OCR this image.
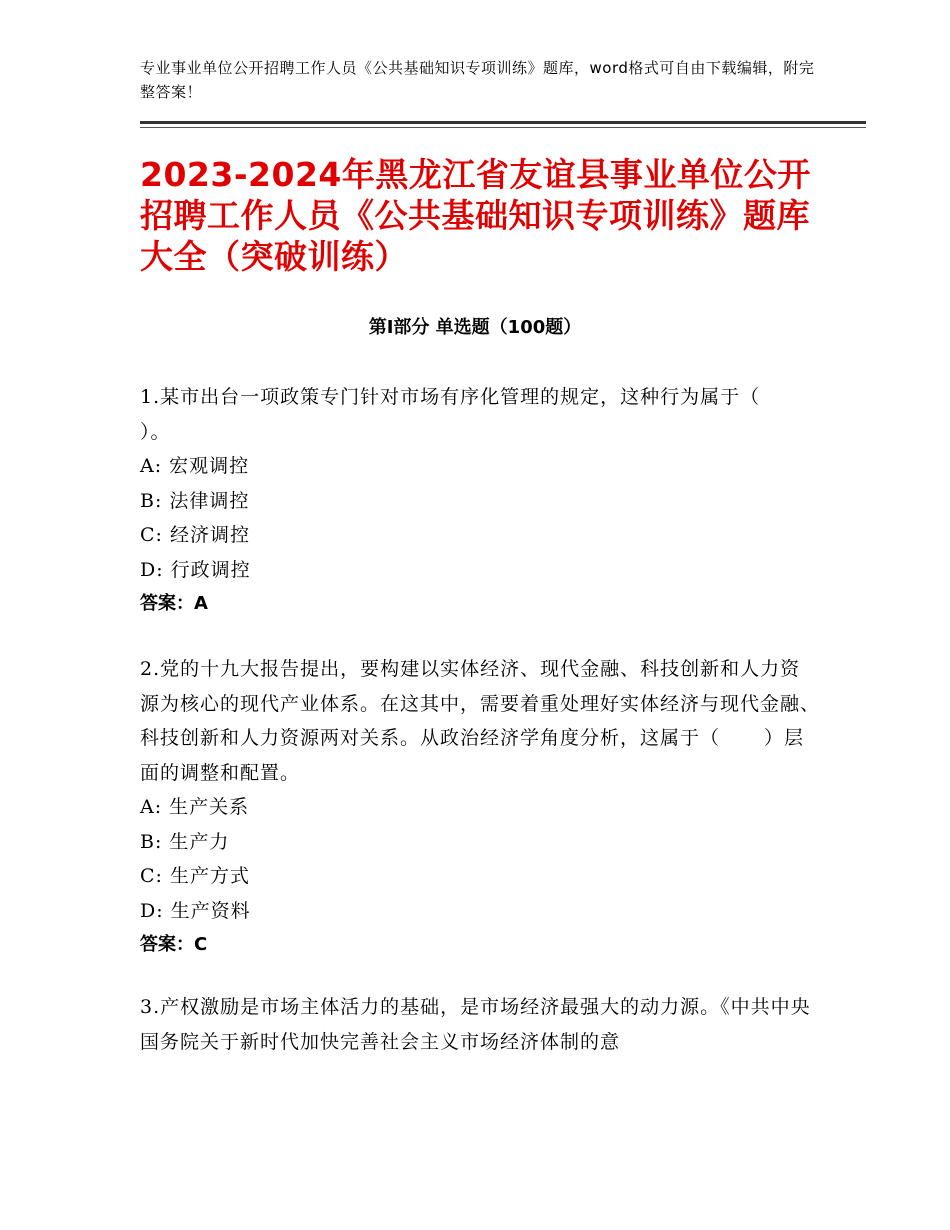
专业事业单位公开招聘工作人员《公共基础知识专项训练》题库，word格式可自由下载编辑，附完整答案！
2023-2024年黑龙江省友谊县事业单位公开招聘工作人员《公共基础知识专项训练》题库大全（突破训练）
第Ⅰ部分 单选题（100题）
1.某市出台一项政策专门针对市场有序化管理的规定，这种行为属于（）。
A: 宏观调控
B: 法律调控
C: 经济调控
D: 行政调控
答案：A
2.党的十九大报告提出，要构建以实体经济、现代金融、科技创新和人力资源为核心的现代产业体系。在这其中，需要着重处理好实体经济与现代金融、科技创新和人力资源两对关系。从政治经济学角度分析，这属于（ ）层面的调整和配置。
A: 生产关系
B: 生产力
C: 生产方式
D: 生产资料
答案：C
3.产权激励是市场主体活力的基础，是市场经济最强大的动力源。《中共中央国务院关于新时代加快完善社会主义市场经济体制的意
